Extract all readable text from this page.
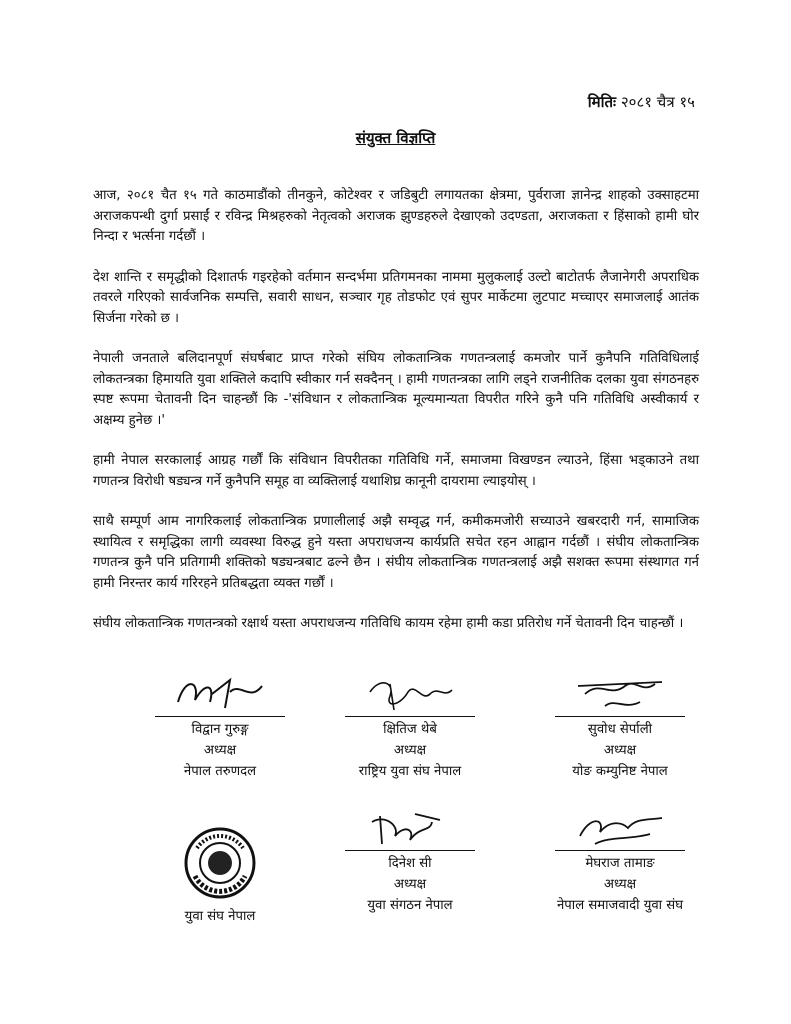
मितिः २०८१ चैत्र १५
संयुक्त विज्ञप्ति

आज, २०८१ चैत १५ गते काठमाडौंको तीनकुने, कोटेश्वर र जडिबुटी लगायतका क्षेत्रमा, पुर्वराजा ज्ञानेन्द्र शाहको उक्साहटमा अराजकपन्थी दुर्गा प्रसाईं र रविन्द्र मिश्रहरुको नेतृत्वको अराजक झुण्डहरुले देखाएको उदण्डता, अराजकता र हिंसाको हामी घोर निन्दा र भर्त्सना गर्दछौं ।

देश शान्ति र समृद्धीको दिशातर्फ गइरहेको वर्तमान सन्दर्भमा प्रतिगमनका नाममा मुलुकलाई उल्टो बाटोतर्फ लैजानेगरी अपराधिक तवरले गरिएको सार्वजनिक सम्पत्ति, सवारी साधन, सञ्चार गृह तोडफोट एवं सुपर मार्केटमा लुटपाट मच्चाएर समाजलाई आतंक सिर्जना गरेको छ ।

नेपाली जनताले बलिदानपूर्ण संघर्षबाट प्राप्त गरेको संघिय लोकतान्त्रिक गणतन्त्रलाई कमजोर पार्ने कुनैपनि गतिविधिलाई लोकतन्त्रका हिमायति युवा शक्तिले कदापि स्वीकार गर्न सक्दैनन् । हामी गणतन्त्रका लागि लड्ने राजनीतिक दलका युवा संगठनहरु स्पष्ट रूपमा चेतावनी दिन चाहन्छौं कि -'संविधान र लोकतान्त्रिक मूल्यमान्यता विपरीत गरिने कुनै पनि गतिविधि अस्वीकार्य र अक्षम्य हुनेछ ।'

हामी नेपाल सरकालाई आग्रह गर्छौं कि संविधान विपरीतका गतिविधि गर्ने, समाजमा विखण्डन ल्याउने, हिंसा भड्काउने तथा गणतन्त्र विरोधी षड्यन्त्र गर्ने कुनैपनि समूह वा व्यक्तिलाई यथाशिघ्र कानूनी दायरामा ल्याइयोस् ।

साथै सम्पूर्ण आम नागरिकलाई लोकतान्त्रिक प्रणालीलाई अझै सम्वृद्ध गर्न, कमीकमजोरी सच्याउने खबरदारी गर्न, सामाजिक स्थायित्व र समृद्धिका लागी व्यवस्था विरुद्ध हुने यस्ता अपराधजन्य कार्यप्रति सचेत रहन आह्वान गर्दछौं । संघीय लोकतान्त्रिक गणतन्त्र कुनै पनि प्रतिगामी शक्तिको षड्यन्त्रबाट ढल्ने छैन । संघीय लोकतान्त्रिक गणतन्त्रलाई अझै सशक्त रूपमा संस्थागत गर्न हामी निरन्तर कार्य गरिरहने प्रतिबद्धता व्यक्त गर्छौं ।

संघीय लोकतान्त्रिक गणतन्त्रको रक्षार्थ यस्ता अपराधजन्य गतिविधि कायम रहेमा हामी कडा प्रतिरोध गर्ने चेतावनी दिन चाहन्छौं ।

विद्वान गुरुङ्ग
अध्यक्ष
नेपाल तरुणदल
क्षितिज थेबे
अध्यक्ष
राष्ट्रिय युवा संघ नेपाल
सुवोध सेर्पाली
अध्यक्ष
योङ कम्युनिष्ट नेपाल
युवा संघ नेपाल
दिनेश सी
अध्यक्ष
युवा संगठन नेपाल
मेघराज तामाङ
अध्यक्ष
नेपाल समाजवादी युवा संघ
